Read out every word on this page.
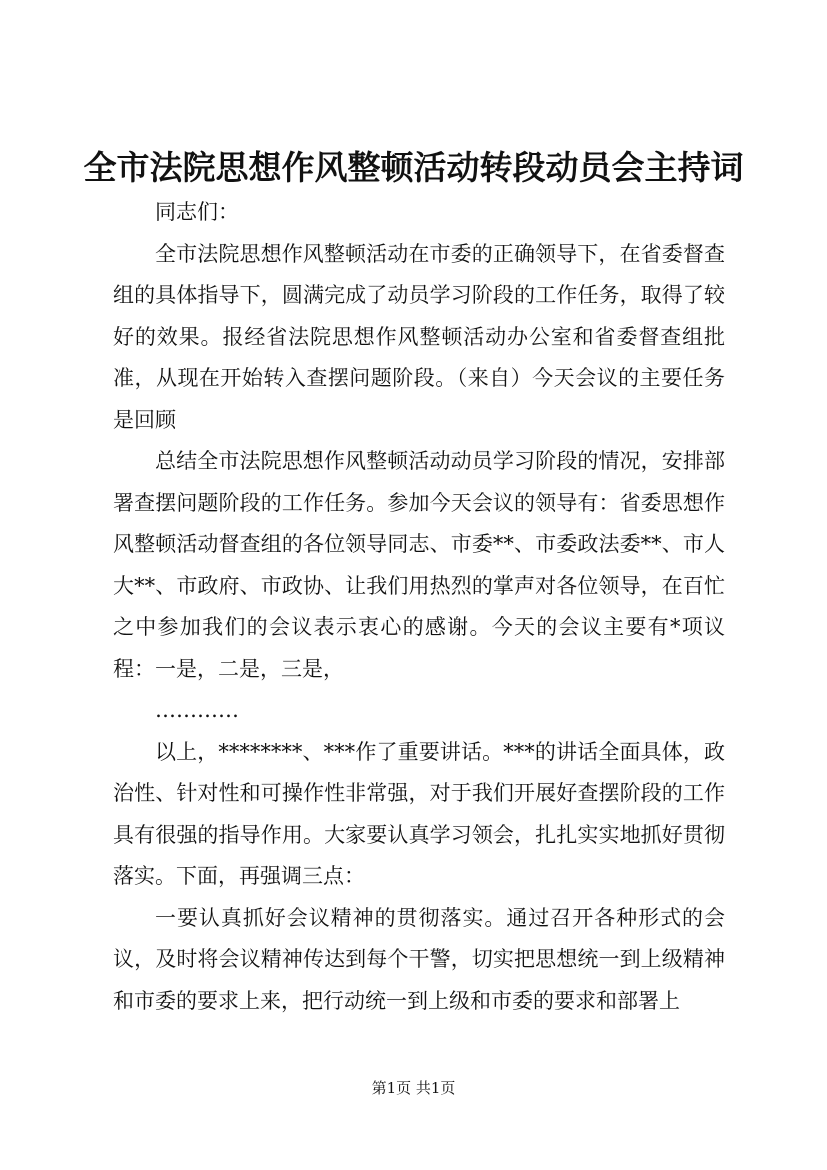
全市法院思想作风整顿活动转段动员会主持词

同志们：

全市法院思想作风整顿活动在市委的正确领导下，在省委督查组的具体指导下，圆满完成了动员学习阶段的工作任务，取得了较好的效果。报经省法院思想作风整顿活动办公室和省委督查组批准，从现在开始转入查摆问题阶段。（来自）今天会议的主要任务是回顾

总结全市法院思想作风整顿活动动员学习阶段的情况，安排部署查摆问题阶段的工作任务。参加今天会议的领导有：省委思想作风整顿活动督查组的各位领导同志、市委**、市委政法委**、市人大**、市政府、市政协、让我们用热烈的掌声对各位领导，在百忙之中参加我们的会议表示衷心的感谢。今天的会议主要有*项议程：一是，二是，三是，

…………

以上，********、***作了重要讲话。***的讲话全面具体，政治性、针对性和可操作性非常强，对于我们开展好查摆阶段的工作具有很强的指导作用。大家要认真学习领会，扎扎实实地抓好贯彻落实。下面，再强调三点：

一要认真抓好会议精神的贯彻落实。通过召开各种形式的会议，及时将会议精神传达到每个干警，切实把思想统一到上级精神和市委的要求上来，把行动统一到上级和市委的要求和部署上

第1页 共1页
